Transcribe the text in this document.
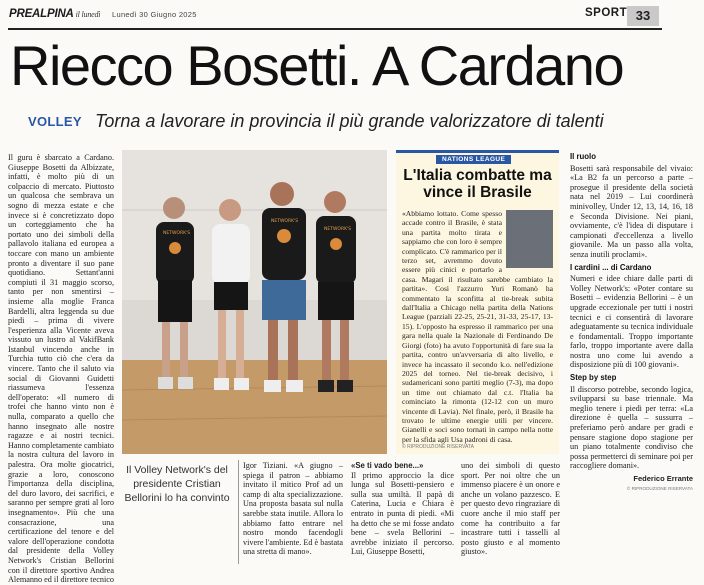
PREALPINA il lunedì Lunedì 30 Giugno 2025	SPORT 33
Riecco Bosetti. A Cardano
VOLLEY Torna a lavorare in provincia il più grande valorizzatore di talenti
Il guru è sbarcato a Cardano. Giuseppe Bosetti da Albizzate, infatti, è molto più di un colpaccio di mercato. Piuttosto un qualcosa che sembrava un sogno di mezza estate e che invece si è concretizzato dopo un corteggiamento che ha portato uno dei simboli della pallavolo italiana ed europea a toccare con mano un ambiente pronto a diventare il suo pane quotidiano. Settant'anni compiuti il 31 maggio scorso, tanto per non smentirsi – insieme alla moglie Franca Bardelli, altra leggenda su due piedi – prima di vivere l'esperienza alla Vicente aveva vissuto un lustro al VakifBank Istanbul vincendo anche in Turchia tutto ciò che c'era da vincere. Tanto che il saluto via social di Giovanni Guidetti riassumeva l'essenza dell'operato: «Il numero di trofei che hanno vinto non è nulla, comparato a quello che hanno insegnato alle nostre ragazze e ai nostri tecnici. Hanno completamente cambiato la nostra cultura del lavoro in palestra. Ora molte giocatrici, grazie a loro, conoscono l'importanza della disciplina, del duro lavoro, dei sacrifici, e saranno per sempre grati al loro insegnamento». Più che una consacrazione, una certificazione del tenore e del valore dell'operazione condotta dal presidente della Volley Network's Cristian Bellorini con il direttore sportivo Andrea Alemanno ed il direttore tecnico
NETWORK'S
NETWORK'S
NETWORK'S
NATIONS LEAGUE
L'Italia combatte ma vince il Brasile
«Abbiamo lottato. Come spesso accade contro il Brasile, è stata una partita molto tirata e sappiamo che con loro è sempre complicato. C'è rammarico per il terzo set, avremmo dovuto essere più cinici e portarlo a casa. Magari il risultato sarebbe cambiato la partita». Così l'azzurro Yuri Romanò ha commentato la sconfitta al tie-break subita dall'Italia a Chicago nella partita della Nations League (parziali 22-25, 25-21, 31-33, 25-17, 13-15). L'opposto ha espresso il rammarico per una gara nella quale la Nazionale di Ferdinando De Giorgi (foto) ha avuto l'opportunità di fare sua la partita, contro un'avversaria di alto livello, e invece ha incassato il secondo k.o. nell'edizione 2025 del torneo. Nel tie-break decisivo, i sudamericani sono partiti meglio (7-3), ma dopo un time out chiamato dal c.t. l'Italia ha cominciato la rimonta (12-12 con un muro vincente di Lavia). Nel finale, però, il Brasile ha trovato le ultime energie utili per vincere. Gianelli e soci sono tornati in campo nella notte per la sfida agli Usa padroni di casa.
© RIPRODUZIONE RISERVATA
Il ruolo

Bosetti sarà responsabile del vivaio: «La B2 fa un percorso a parte – prosegue il presidente della società nata nel 2019 – Lui coordinerà minivolley, Under 12, 13, 14, 16, 18 e Seconda Divisione. Nei piani, ovviamente, c'è l'idea di disputare i campionati d'eccellenza a livello giovanile. Ma un passo alla volta, senza inutili proclami».

I cardini ... di Cardano

Numeri e idee chiare dalle parti di Volley Network's: «Poter contare su Bosetti – evidenzia Bellorini – è un upgrade eccezionale per tutti i nostri tecnici e ci consentirà di lavorare adeguatamente su tecnica individuale e fondamentali. Troppo importante farlo, troppo importante avere dalla nostra uno come lui avendo a disposizione più di 100 giovani».

Step by step

Il discorso potrebbe, secondo logica, svilupparsi su base triennale. Ma meglio tenere i piedi per terra: «La direzione è quella – sussurra – preferiamo però andare per gradi e pensare stagione dopo stagione per un piano totalmente condiviso che possa permetterci di seminare poi per raccogliere domani».

Federico Errante
© RIPRODUZIONE RISERVATA
Il Volley Network's del presidente Cristian Bellorini lo ha convinto
Igor Tiziani. «A giugno – spiega il patron – abbiamo invitato il mitico Prof ad un camp di alta specializzazione. Una proposta basata sul nulla sarebbe stata inutile. Allora lo abbiamo fatto entrare nel nostro mondo facendogli vivere l'ambiente. Ed è bastata una stretta di mano».
«Se ti vado bene...»
Il primo approccio la dice lunga sul Bosetti-pensiero e sulla sua umiltà. Il papà di Caterina, Lucia e Chiara è entrato in punta di piedi. «Mi ha detto che se mi fosse andato bene – svela Bellorini – avrebbe iniziato il percorso. Lui, Giuseppe Bosetti,
uno dei simboli di questo sport. Per noi oltre che un immenso piacere è un onore e anche un volano pazzesco. E per questo devo ringraziare di cuore anche il mio staff per come ha contribuito a far incastrare tutti i tasselli al posto giusto e al momento giusto».
